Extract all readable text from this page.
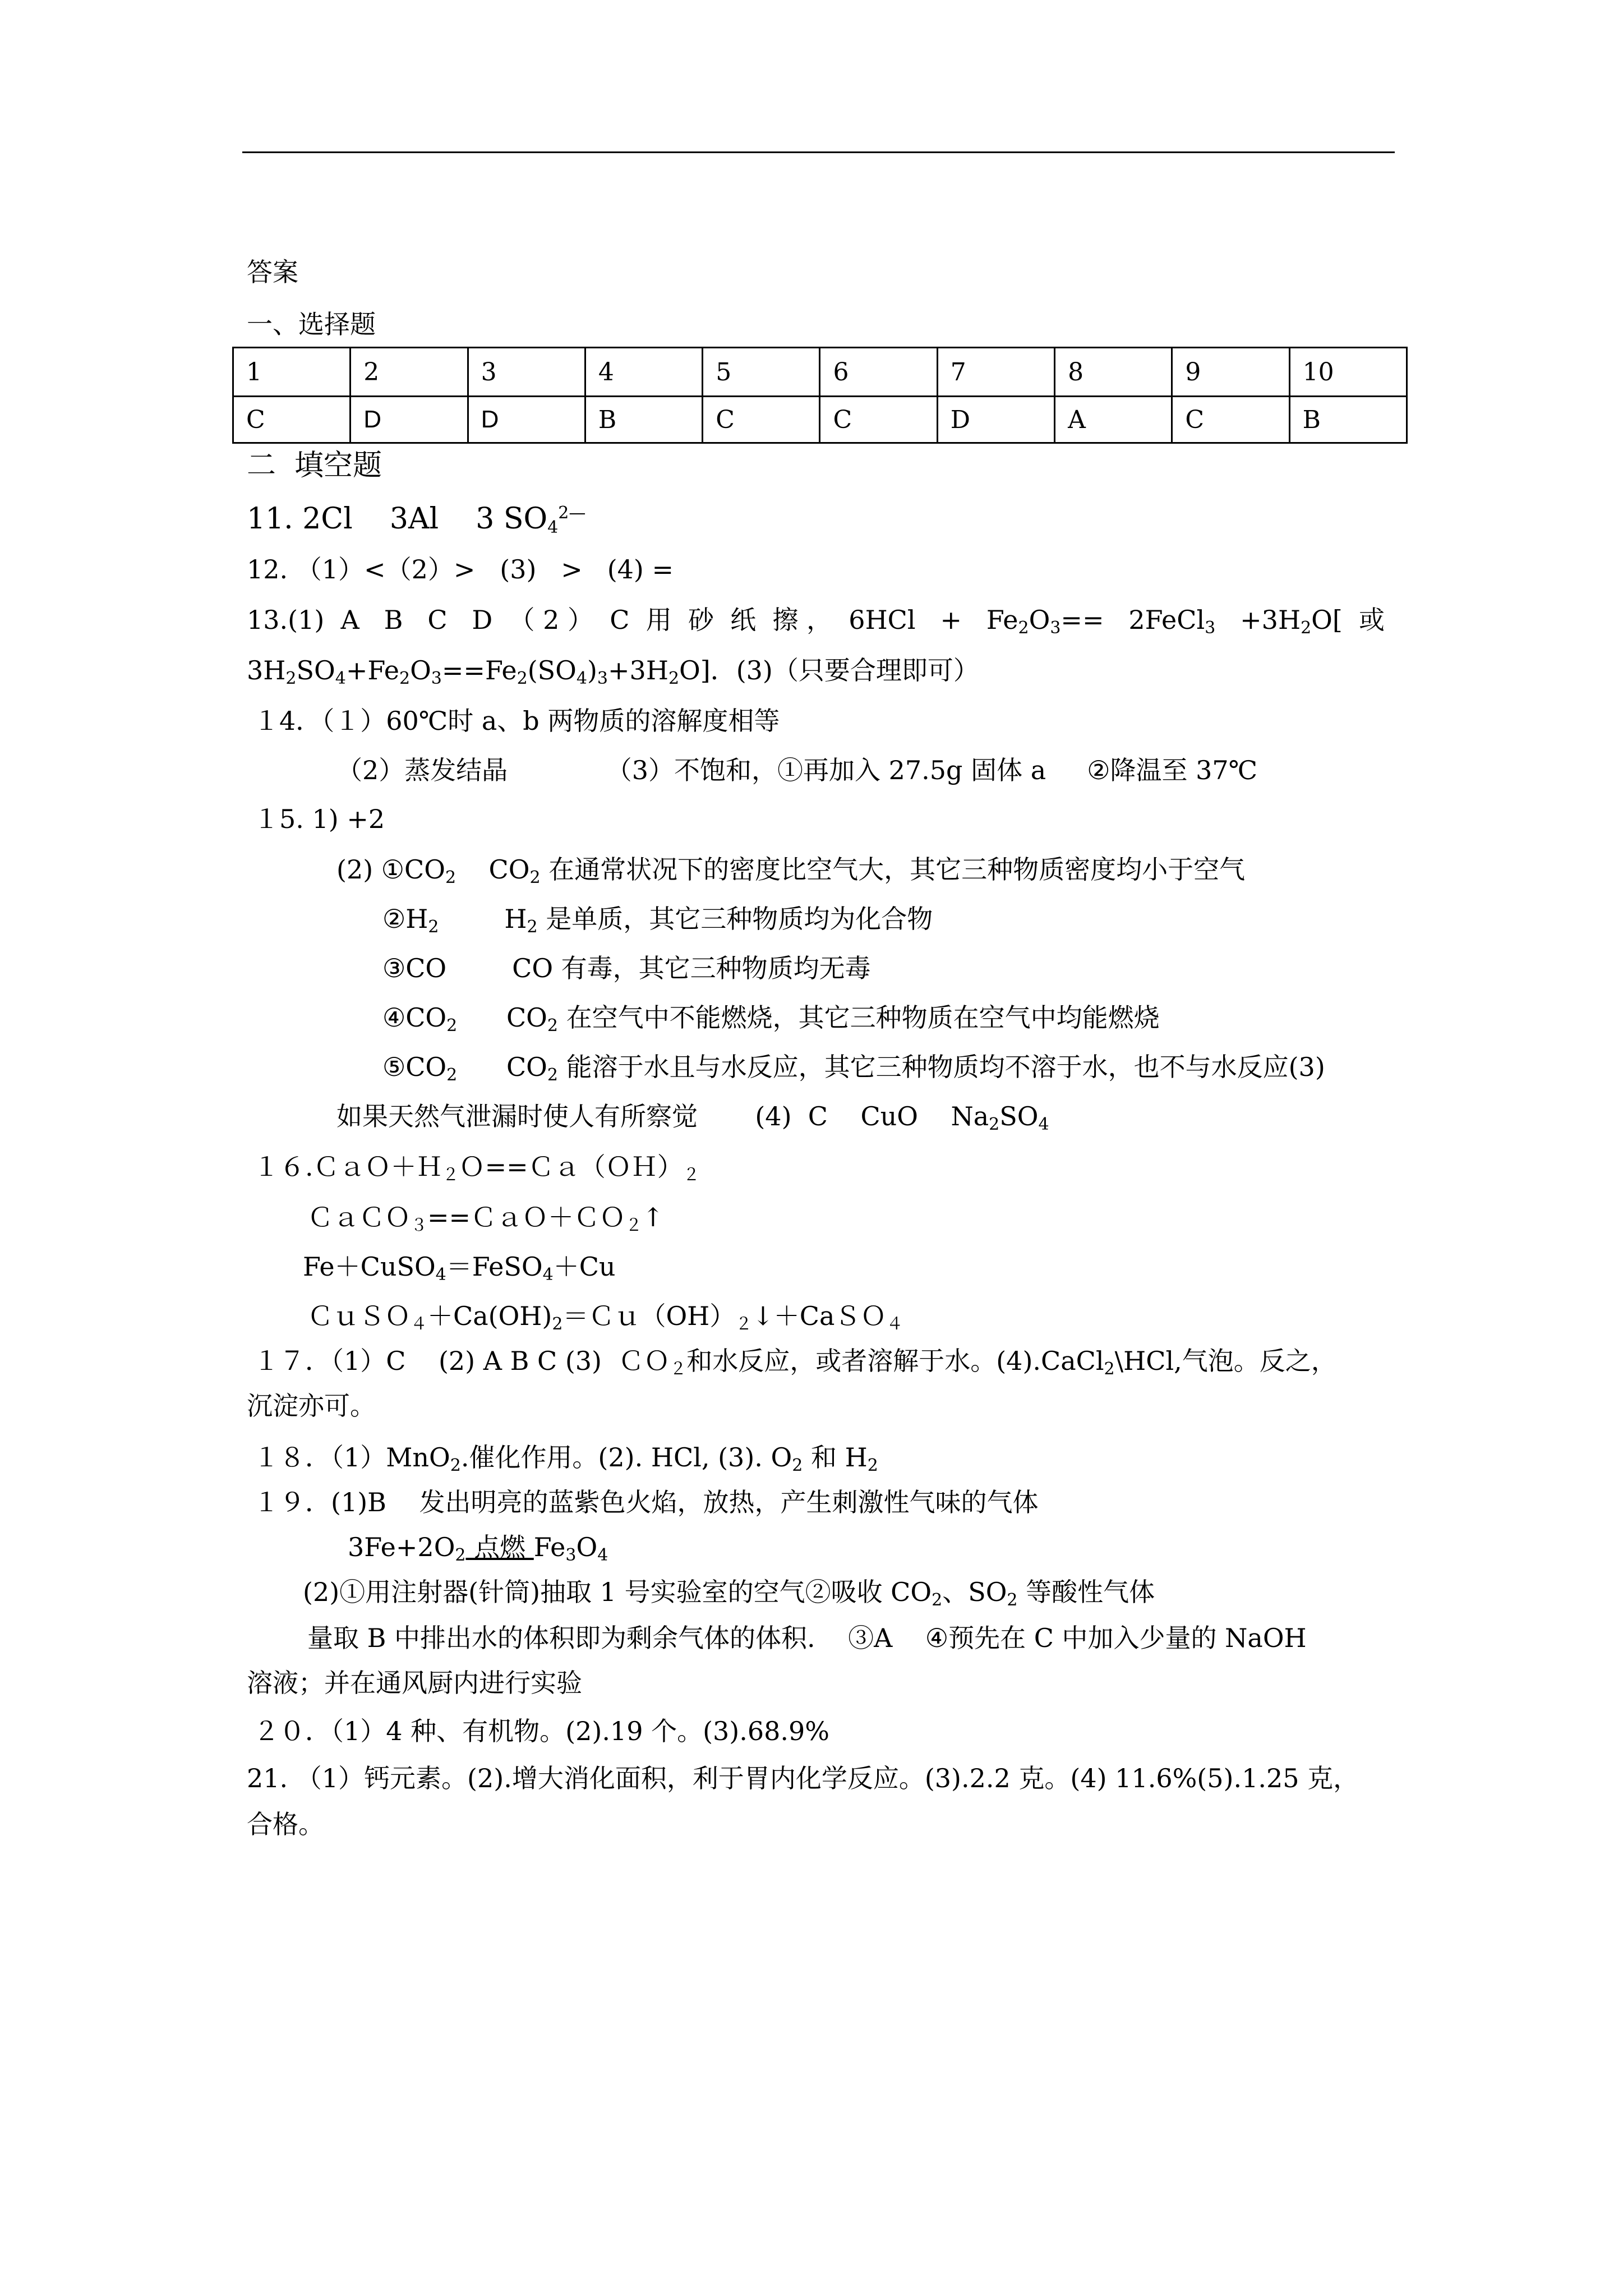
答案
一、选择题
1	2	3	4	5	6	7	8	9	10
C	D	D	B	C	C	D	A	C	B
二  填空题
11. 2Cl 3Al 3 $SO_4^{2—}$
12. （1）<（2）>   (3)   >   (4) =
13.(1)  A   B   C   D  （ 2 ）  C  用  砂  纸  擦 ，  $6HCl + Fe_2O_3==$   2FeCl$_3$   $+3H_2O$[  或
$3H_2SO_4+Fe_2O_3==Fe_2(SO_4)_3+3H_2O$]．(3)（只要合理即可）
１4．（１）60℃时 a、b 两物质的溶解度相等
（2）蒸发结晶            （3）不饱和，①再加入 27.5g 固体 a     ②降温至 37℃
１5. 1) +2
(2) $①CO_2$    $CO_2$ 在通常状况下的密度比空气大，其它三种物质密度均小于空气
$②H_2$        $H_2$ 是单质，其它三种物质均为化合物
③CO        CO 有毒，其它三种物质均无毒
$④CO_2$      $CO_2$ 在空气中不能燃烧，其它三种物质在空气中均能燃烧
$⑤CO_2$      $CO_2$ 能溶于水且与水反应，其它三种物质均不溶于水，也不与水反应(3)
如果天然气泄漏时使人有所察觉       (4)  C    CuO    $Na_2SO_4$
$16.CaO+H_2O==Ca(OH)_2$
ＣａＣＯ$_3$==ＣａＯ＋ＣＯ$_2$↑
Fe＋CuSO$_4$＝FeSO$_4$＋Cu
$CuSO_4+Ca(OH)_2=Cu(OH)_2↓+CaSO_4$
１７．（1）C    (2) A B C (3)  ＣＯ$_2$和水反应，或者溶解于水。(4).CaCl$_2$\HCl,气泡。反之，
沉淀亦可。
１８．（1）MnO$_2$.催化作用。(2). HCl, (3). $O_2$ 和 $H_2$
１９．(1)B    发出明亮的蓝紫色火焰，放热，产生刺激性气味的气体
$3Fe+2O_2$ 点燃 $Fe_3O_4$
(2)①用注射器(针筒)抽取 1 号实验室的空气②吸收 $CO_2$、$SO_2$ 等酸性气体
量取 B 中排出水的体积即为剩余气体的体积.    ③A    ④预先在 C 中加入少量的 NaOH
溶液；并在通风厨内进行实验
２０．（1）4 种、有机物。(2).19 个。(3).68.9%
21. （1）钙元素。(2).增大消化面积，利于胃内化学反应。(3).2.2 克。(4) 11.6%(5).1.25 克，
合格。
